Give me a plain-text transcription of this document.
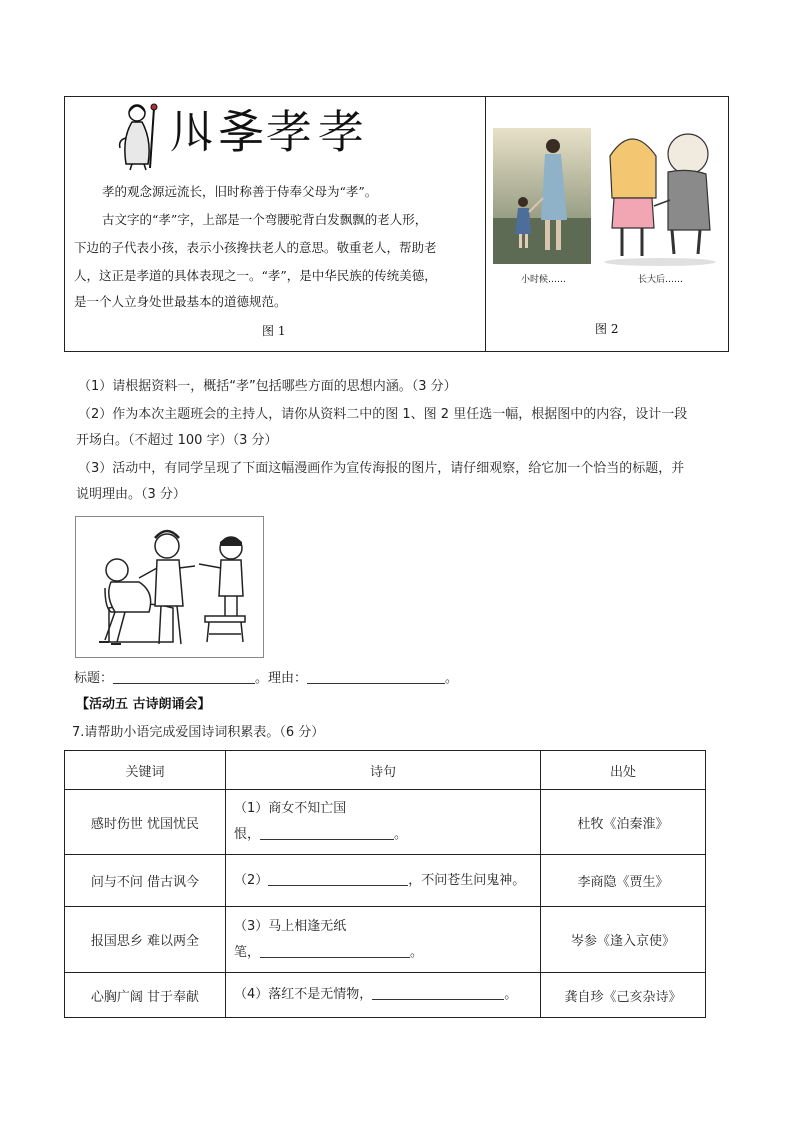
𠄓 𡥈 孝 孝
孝的观念源远流长，旧时称善于侍奉父母为“孝”。
古文字的“孝”字，上部是一个弯腰驼背白发飘飘的老人形，
下边的子代表小孩，表示小孩搀扶老人的意思。敬重老人，帮助老
人，这正是孝道的具体表现之一。“孝”，是中华民族的传统美德，
是一个人立身处世最基本的道德规范。
图 1
小时候……	长大后……
图 2
（1）请根据资料一，概括“孝”包括哪些方面的思想内涵。（3 分）
（2）作为本次主题班会的主持人，请你从资料二中的图 1、图 2 里任选一幅，根据图中的内容，设计一段
开场白。（不超过 100 字）（3 分）
（3）活动中，有同学呈现了下面这幅漫画作为宣传海报的图片，请仔细观察，给它加一个恰当的标题，并
说明理由。（3 分）
标题：	。理由：	。
【活动五 古诗朗诵会】
7.请帮助小语完成爱国诗词积累表。（6 分）
关键词	诗句	出处
感时伤世 忧国忧民	（1）商女不知亡国
恨， 。	杜牧《泊秦淮》
问与不问 借古讽今	（2） ，不问苍生问鬼神。	李商隐《贾生》
报国思乡 难以两全	（3）马上相逢无纸
笔， 。	岑参《逢入京使》
心胸广阔 甘于奉献	（4）落红不是无情物， 。	龚自珍《己亥杂诗》
